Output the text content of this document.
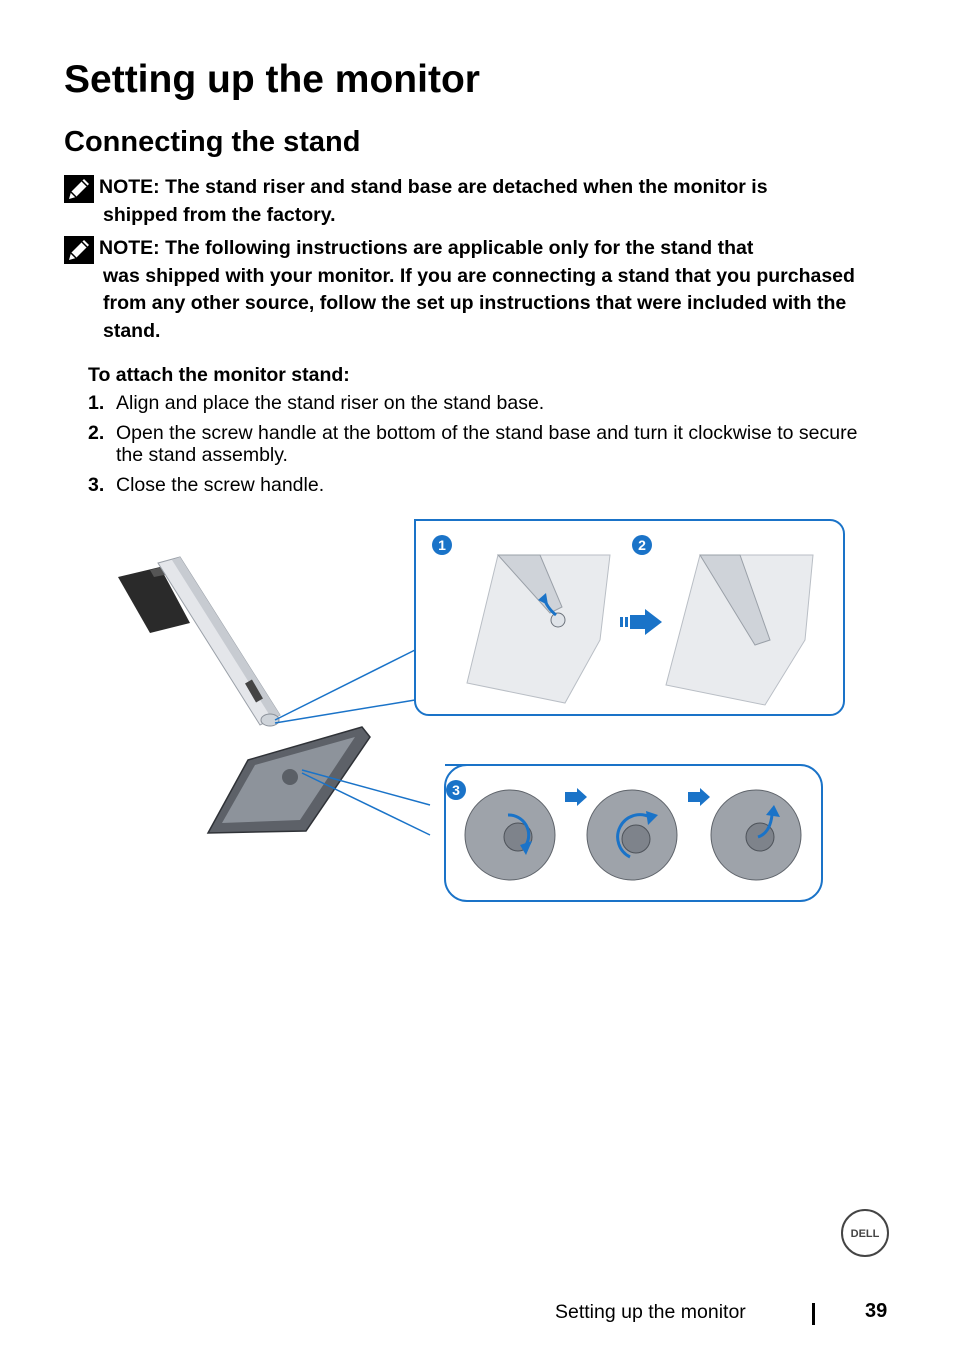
Setting up the monitor
Connecting the stand
NOTE: The stand riser and stand base are detached when the monitor is
shipped from the factory.
NOTE: The following instructions are applicable only for the stand that
was shipped with your monitor. If you are connecting a stand that you purchased from any other source, follow the set up instructions that were included with the stand.
To attach the monitor stand:
1. Align and place the stand riser on the stand base.
2. Open the screw handle at the bottom of the stand base and turn it clockwise to secure the stand assembly.
3. Close the screw handle.
1	2
3
DELL
Setting up the monitor	39
